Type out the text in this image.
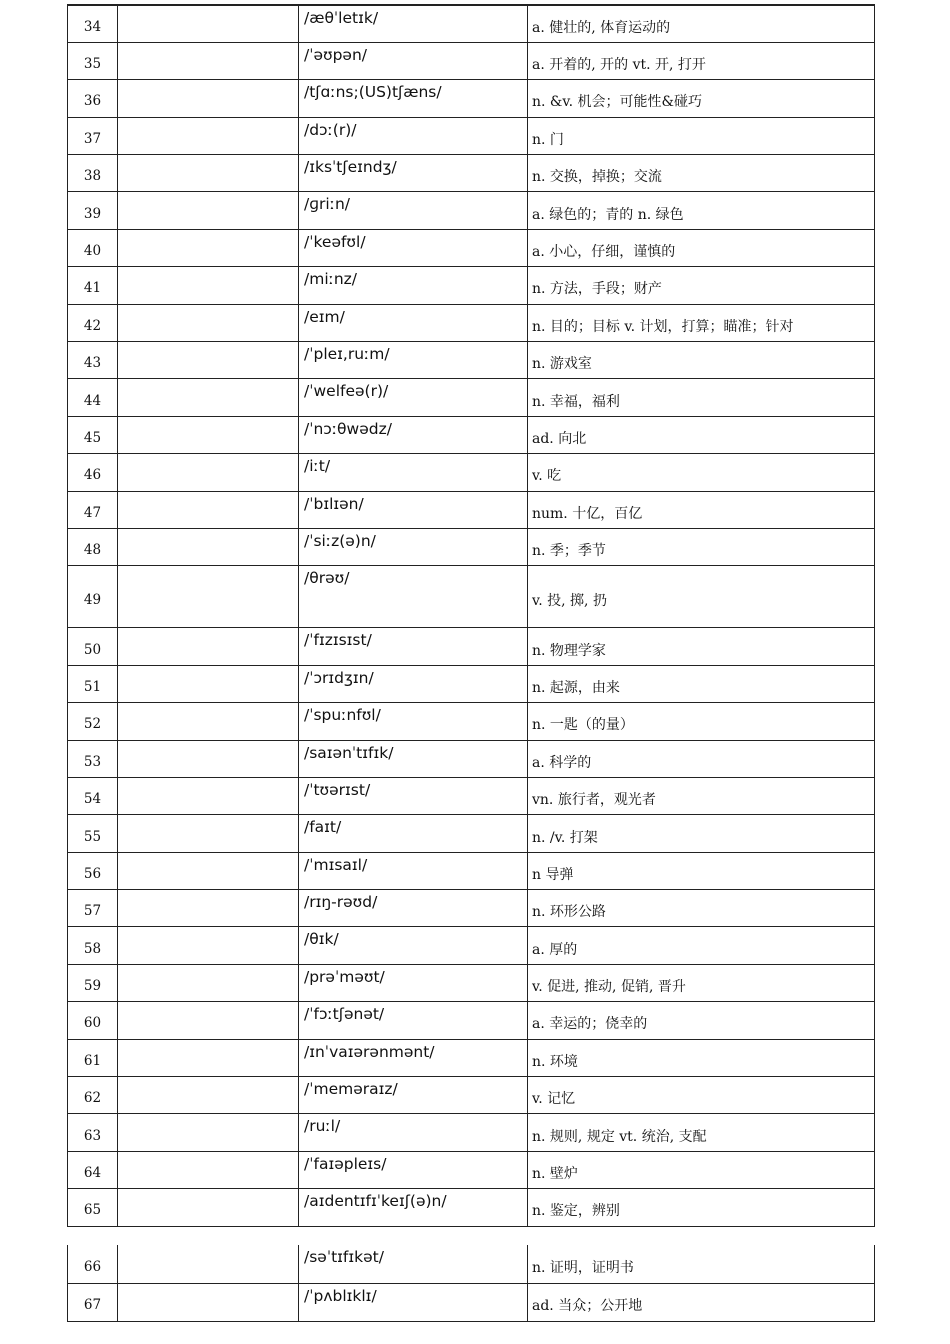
34		/æθˈletɪk/	a. 健壮的, 体育运动的
35		/ˈəʊpən/	a. 开着的, 开的 vt. 开, 打开
36		/tʃɑːns;(US)tʃæns/	n. &v. 机会；可能性&碰巧
37		/dɔː(r)/	n. 门
38		/ɪksˈtʃeɪndʒ/	n. 交换，掉换；交流
39		/ɡriːn/	a. 绿色的；青的 n. 绿色
40		/ˈkeəfʊl/	a. 小心，仔细，谨慎的
41		/miːnz/	n. 方法，手段；财产
42		/eɪm/	n. 目的；目标 v. 计划，打算；瞄准；针对
43		/ˈpleɪ,ruːm/	n. 游戏室
44		/ˈwelfeə(r)/	n. 幸福，福利
45		/ˈnɔːθwədz/	ad. 向北
46		/iːt/	v. 吃
47		/ˈbɪlɪən/	num. 十亿，百亿
48		/ˈsiːz(ə)n/	n. 季；季节
49		/θrəʊ/	v. 投, 掷, 扔
50		/ˈfɪzɪsɪst/	n. 物理学家
51		/ˈɔrɪdʒɪn/	n. 起源，由来
52		/ˈspuːnfʊl/	n. 一匙（的量）
53		/saɪənˈtɪfɪk/	a. 科学的
54		/ˈtʊərɪst/	vn. 旅行者，观光者
55		/faɪt/	n. /v. 打架
56		/ˈmɪsaɪl/	n 导弹
57		/rɪŋ-rəʊd/	n. 环形公路
58		/θɪk/	a. 厚的
59		/prəˈməʊt/	v. 促进, 推动, 促销, 晋升
60		/ˈfɔːtʃənət/	a. 幸运的；侥幸的
61		/ɪnˈvaɪərənmənt/	n. 环境
62		/ˈmeməraɪz/	v. 记忆
63		/ruːl/	n. 规则, 规定 vt. 统治, 支配
64		/ˈfaɪəpleɪs/	n. 壁炉
65		/aɪdentɪfɪˈkeɪʃ(ə)n/	n. 鉴定，辨别
66		/səˈtɪfɪkət/	n. 证明，证明书
67		/ˈpʌblɪklɪ/	ad. 当众；公开地
